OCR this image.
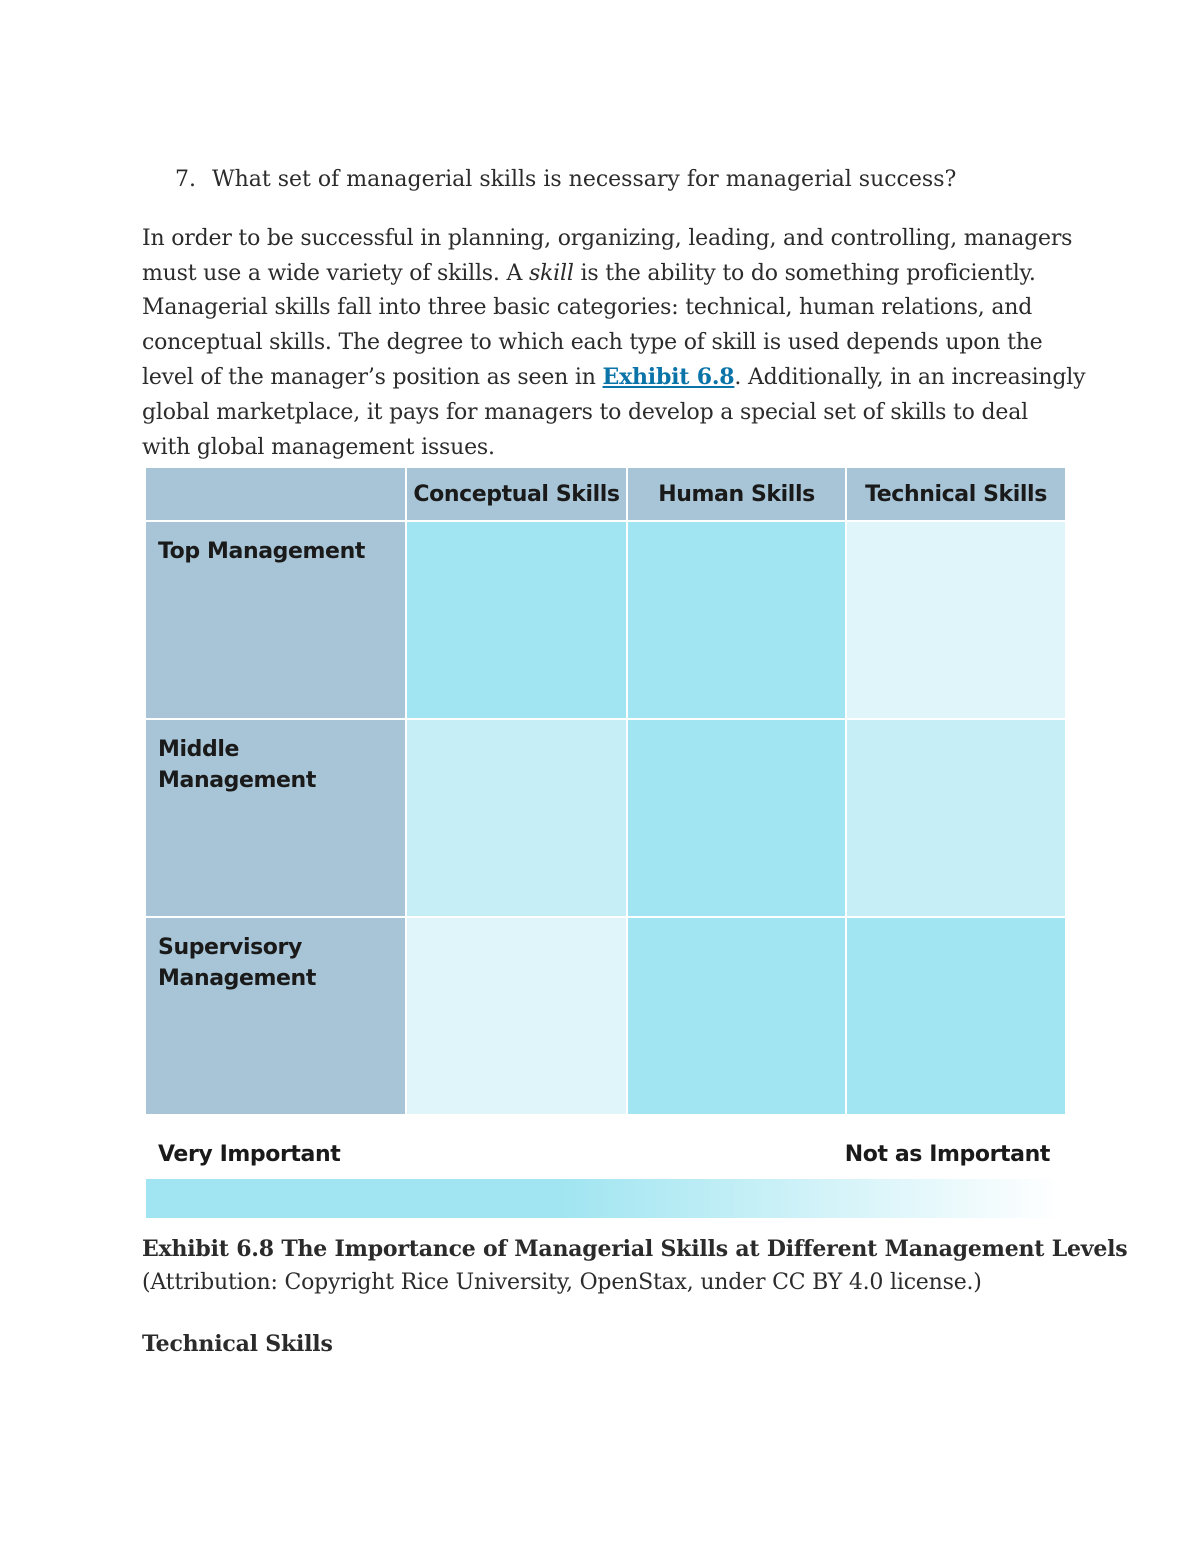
7. What set of managerial skills is necessary for managerial success?
In order to be successful in planning, organizing, leading, and controlling, managers
must use a wide variety of skills. A skill is the ability to do something proficiently.
Managerial skills fall into three basic categories: technical, human relations, and
conceptual skills. The degree to which each type of skill is used depends upon the
level of the manager’s position as seen in Exhibit 6.8. Additionally, in an increasingly
global marketplace, it pays for managers to develop a special set of skills to deal
with global management issues.
Conceptual Skills	Human Skills	Technical Skills
Top Management
Middle Management
Supervisory
Management
Very Important	Not as Important
Exhibit 6.8 The Importance of Managerial Skills at Different Management Levels
(Attribution: Copyright Rice University, OpenStax, under CC BY 4.0 license.)
Technical Skills
